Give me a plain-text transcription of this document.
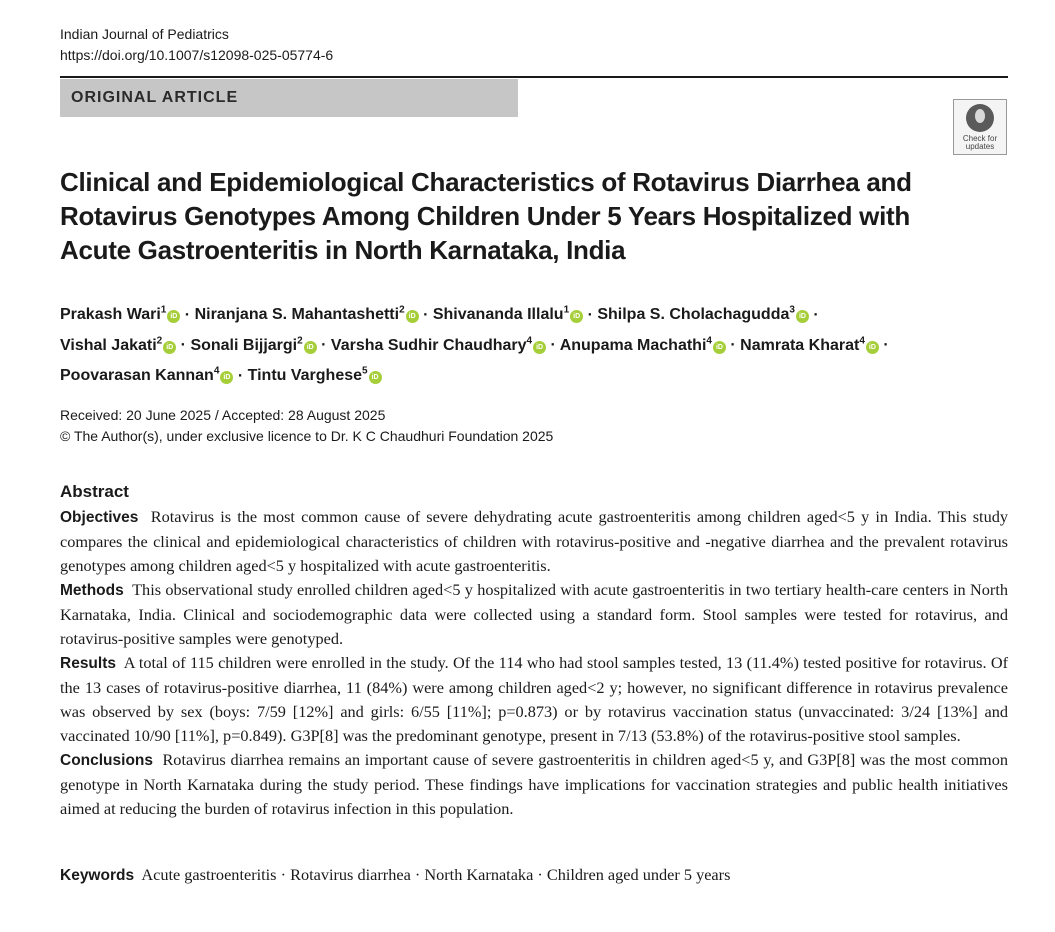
Indian Journal of Pediatrics
https://doi.org/10.1007/s12098-025-05774-6
ORIGINAL ARTICLE
Check for
updates
Clinical and Epidemiological Characteristics of Rotavirus Diarrhea and
Rotavirus Genotypes Among Children Under 5 Years Hospitalized with
Acute Gastroenteritis in North Karnataka, India
Prakash Wari$^1$iD · Niranjana S. Mahantashetti$^2$iD · Shivananda Illalu$^1$iD · Shilpa S. Cholachagudda$^3$iD ·
Vishal Jakati$^2$iD · Sonali Bijjargi$^2$iD · Varsha Sudhir Chaudhary$^4$iD · Anupama Machathi$^4$iD · Namrata Kharat$^4$iD ·
Poovarasan Kannan$^4$iD · Tintu Varghese$^5$iD
Received: 20 June 2025 / Accepted: 28 August 2025
© The Author(s), under exclusive licence to Dr. K C Chaudhuri Foundation 2025
Abstract

Objectives Rotavirus is the most common cause of severe dehydrating acute gastroenteritis among children aged<5 y in India. This study compares the clinical and epidemiological characteristics of children with rotavirus-positive and -negative diarrhea and the prevalent rotavirus genotypes among children aged<5 y hospitalized with acute gastroenteritis.

Methods This observational study enrolled children aged<5 y hospitalized with acute gastroenteritis in two tertiary health-care centers in North Karnataka, India. Clinical and sociodemographic data were collected using a standard form. Stool samples were tested for rotavirus, and rotavirus-positive samples were genotyped.

Results A total of 115 children were enrolled in the study. Of the 114 who had stool samples tested, 13 (11.4%) tested positive for rotavirus. Of the 13 cases of rotavirus-positive diarrhea, 11 (84%) were among children aged<2 y; however, no significant difference in rotavirus prevalence was observed by sex (boys: 7/59 [12%] and girls: 6/55 [11%]; p=0.873) or by rotavirus vaccination status (unvaccinated: 3/24 [13%] and vaccinated 10/90 [11%], p=0.849). G3P[8] was the predominant genotype, present in 7/13 (53.8%) of the rotavirus-positive stool samples.

Conclusions Rotavirus diarrhea remains an important cause of severe gastroenteritis in children aged<5 y, and G3P[8] was the most common genotype in North Karnataka during the study period. These findings have implications for vaccination strategies and public health initiatives aimed at reducing the burden of rotavirus infection in this population.

Keywords Acute gastroenteritis · Rotavirus diarrhea · North Karnataka · Children aged under 5 years
